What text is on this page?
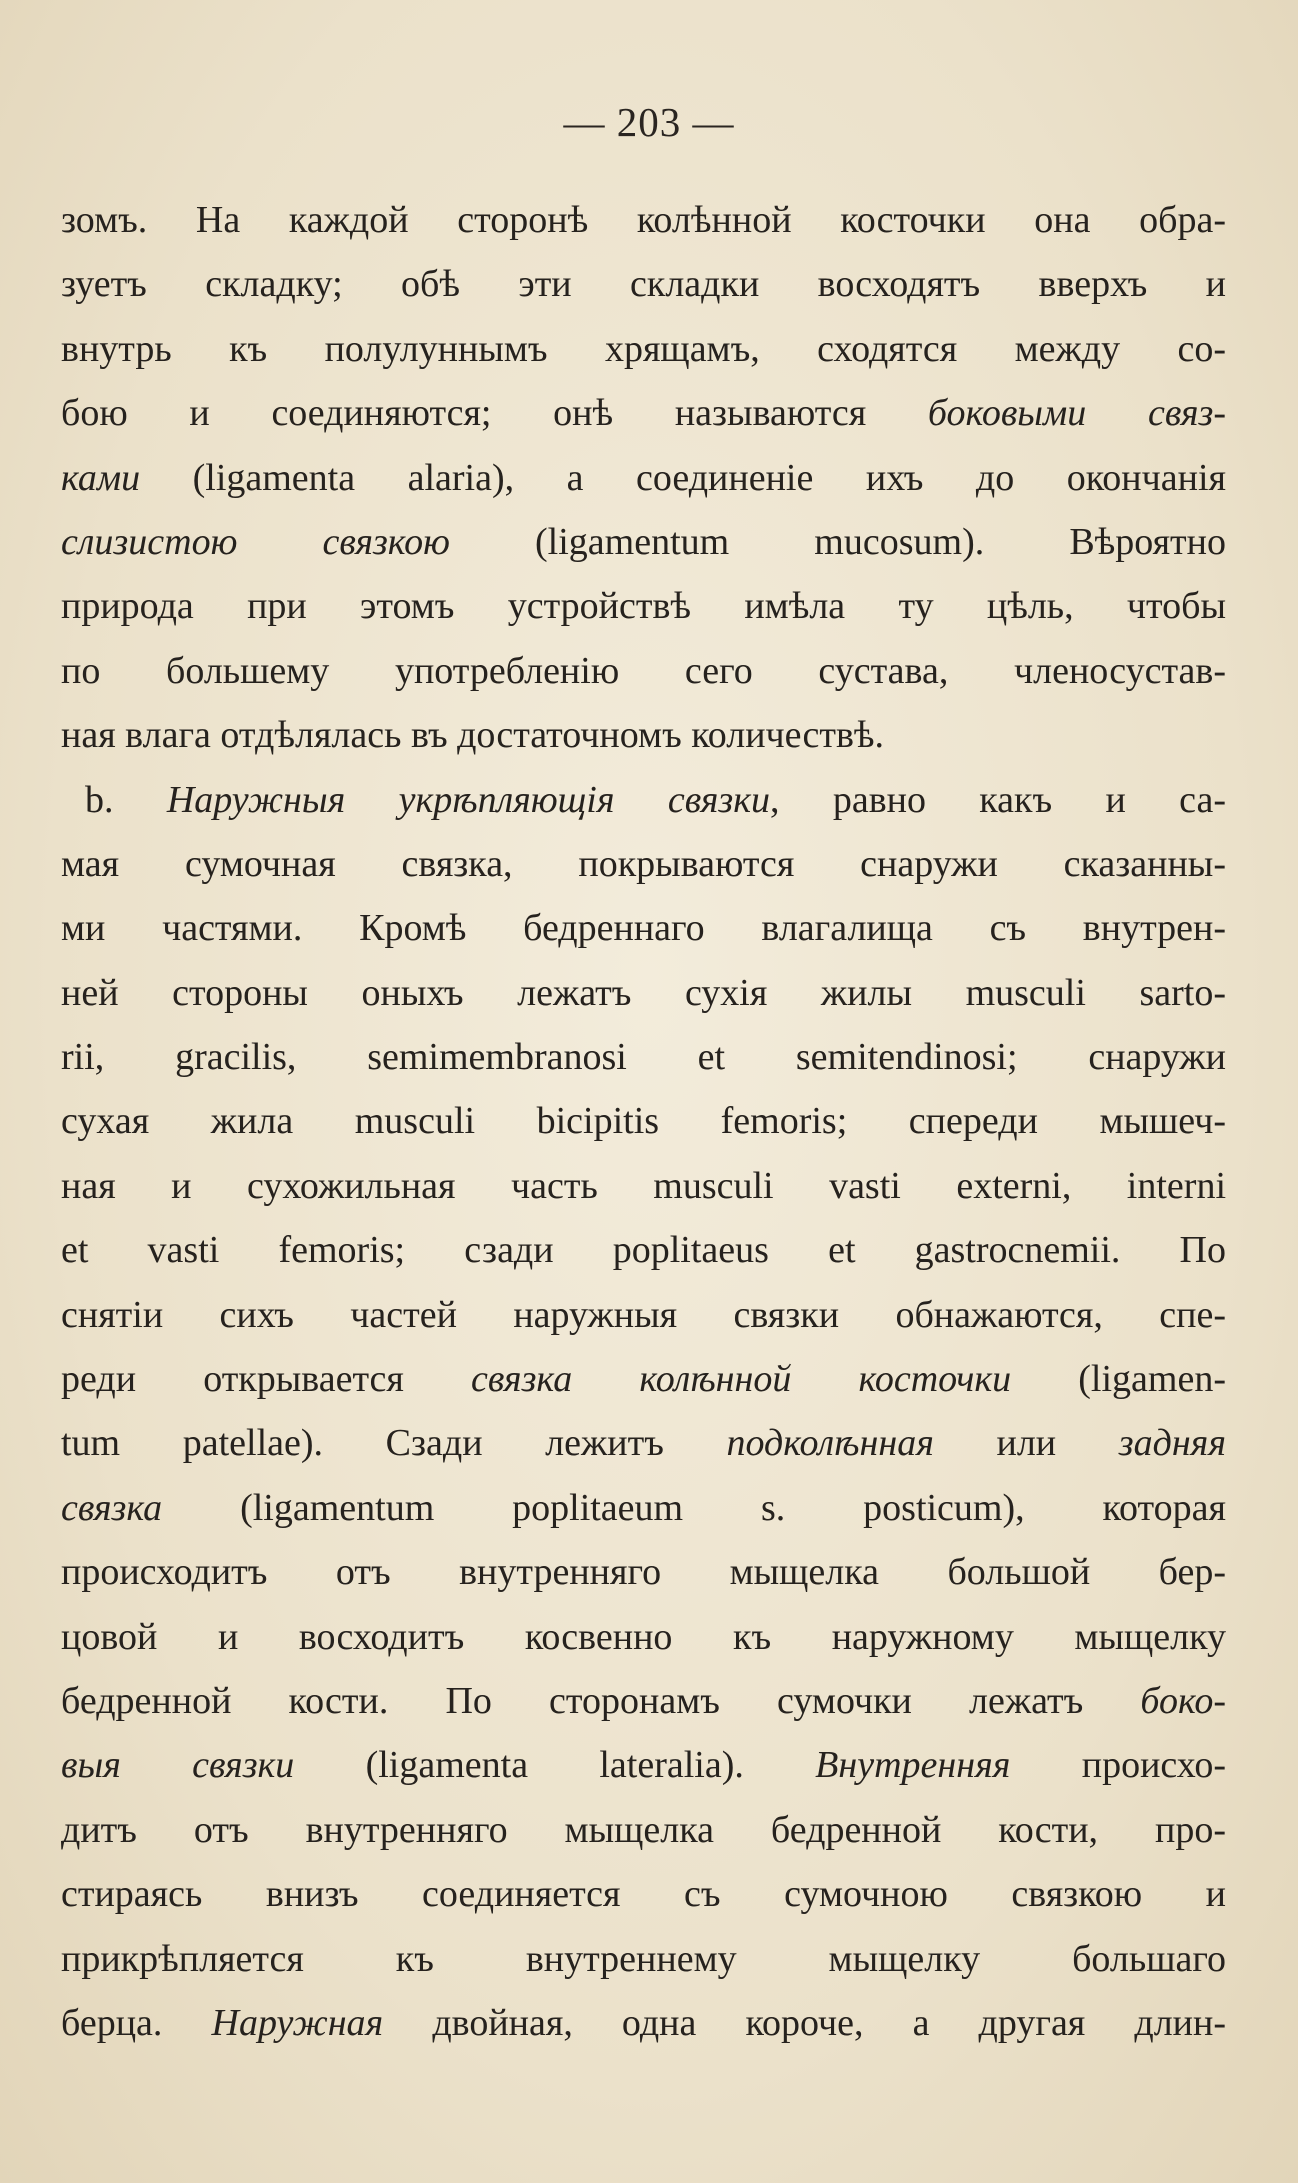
— 203 —
зомъ. На каждой сторонѣ колѣнной косточки она обра-
зуетъ складку; обѣ эти складки восходятъ вверхъ и
внутрь къ полулуннымъ хрящамъ, сходятся между со-
бою и соединяются; онѣ называются боковыми связ-
ками (ligamenta alaria), а соединенiе ихъ до окончанiя
слизистою связкою (ligamentum mucosum). Вѣроятно
природа при этомъ устройствѣ имѣла ту цѣль, чтобы
по большему употребленiю сего сустава, членосустав-
ная влага отдѣлялась въ достаточномъ количествѣ.
b. Наружныя укрѣпляющiя связки, равно какъ и са-
мая сумочная связка, покрываются снаружи сказанны-
ми частями. Кромѣ бедреннаго влагалища съ внутрен-
ней стороны оныхъ лежатъ сухiя жилы musculi sarto-
rii, gracilis, semimembranosi et semitendinosi; снаружи
сухая жила musculi bicipitis femoris; спереди мышеч-
ная и сухожильная часть musculi vasti externi, interni
et vasti femoris; сзади poplitaeus et gastrocnemii. По
снятiи сихъ частей наружныя связки обнажаются, спе-
реди открывается связка колѣнной косточки (ligamen-
tum patellae). Сзади лежитъ подколѣнная или задняя
связка (ligamentum poplitaeum s. posticum), которая
происходитъ отъ внутренняго мыщелка большой бер-
цовой и восходитъ косвенно къ наружному мыщелку
бедренной кости. По сторонамъ сумочки лежатъ боко-
выя связки (ligamenta lateralia). Внутренняя происхо-
дитъ отъ внутренняго мыщелка бедренной кости, про-
стираясь внизъ соединяется съ сумочною связкою и
прикрѣпляется къ внутреннему мыщелку большаго
берца. Наружная двойная, одна короче, а другая длин-
